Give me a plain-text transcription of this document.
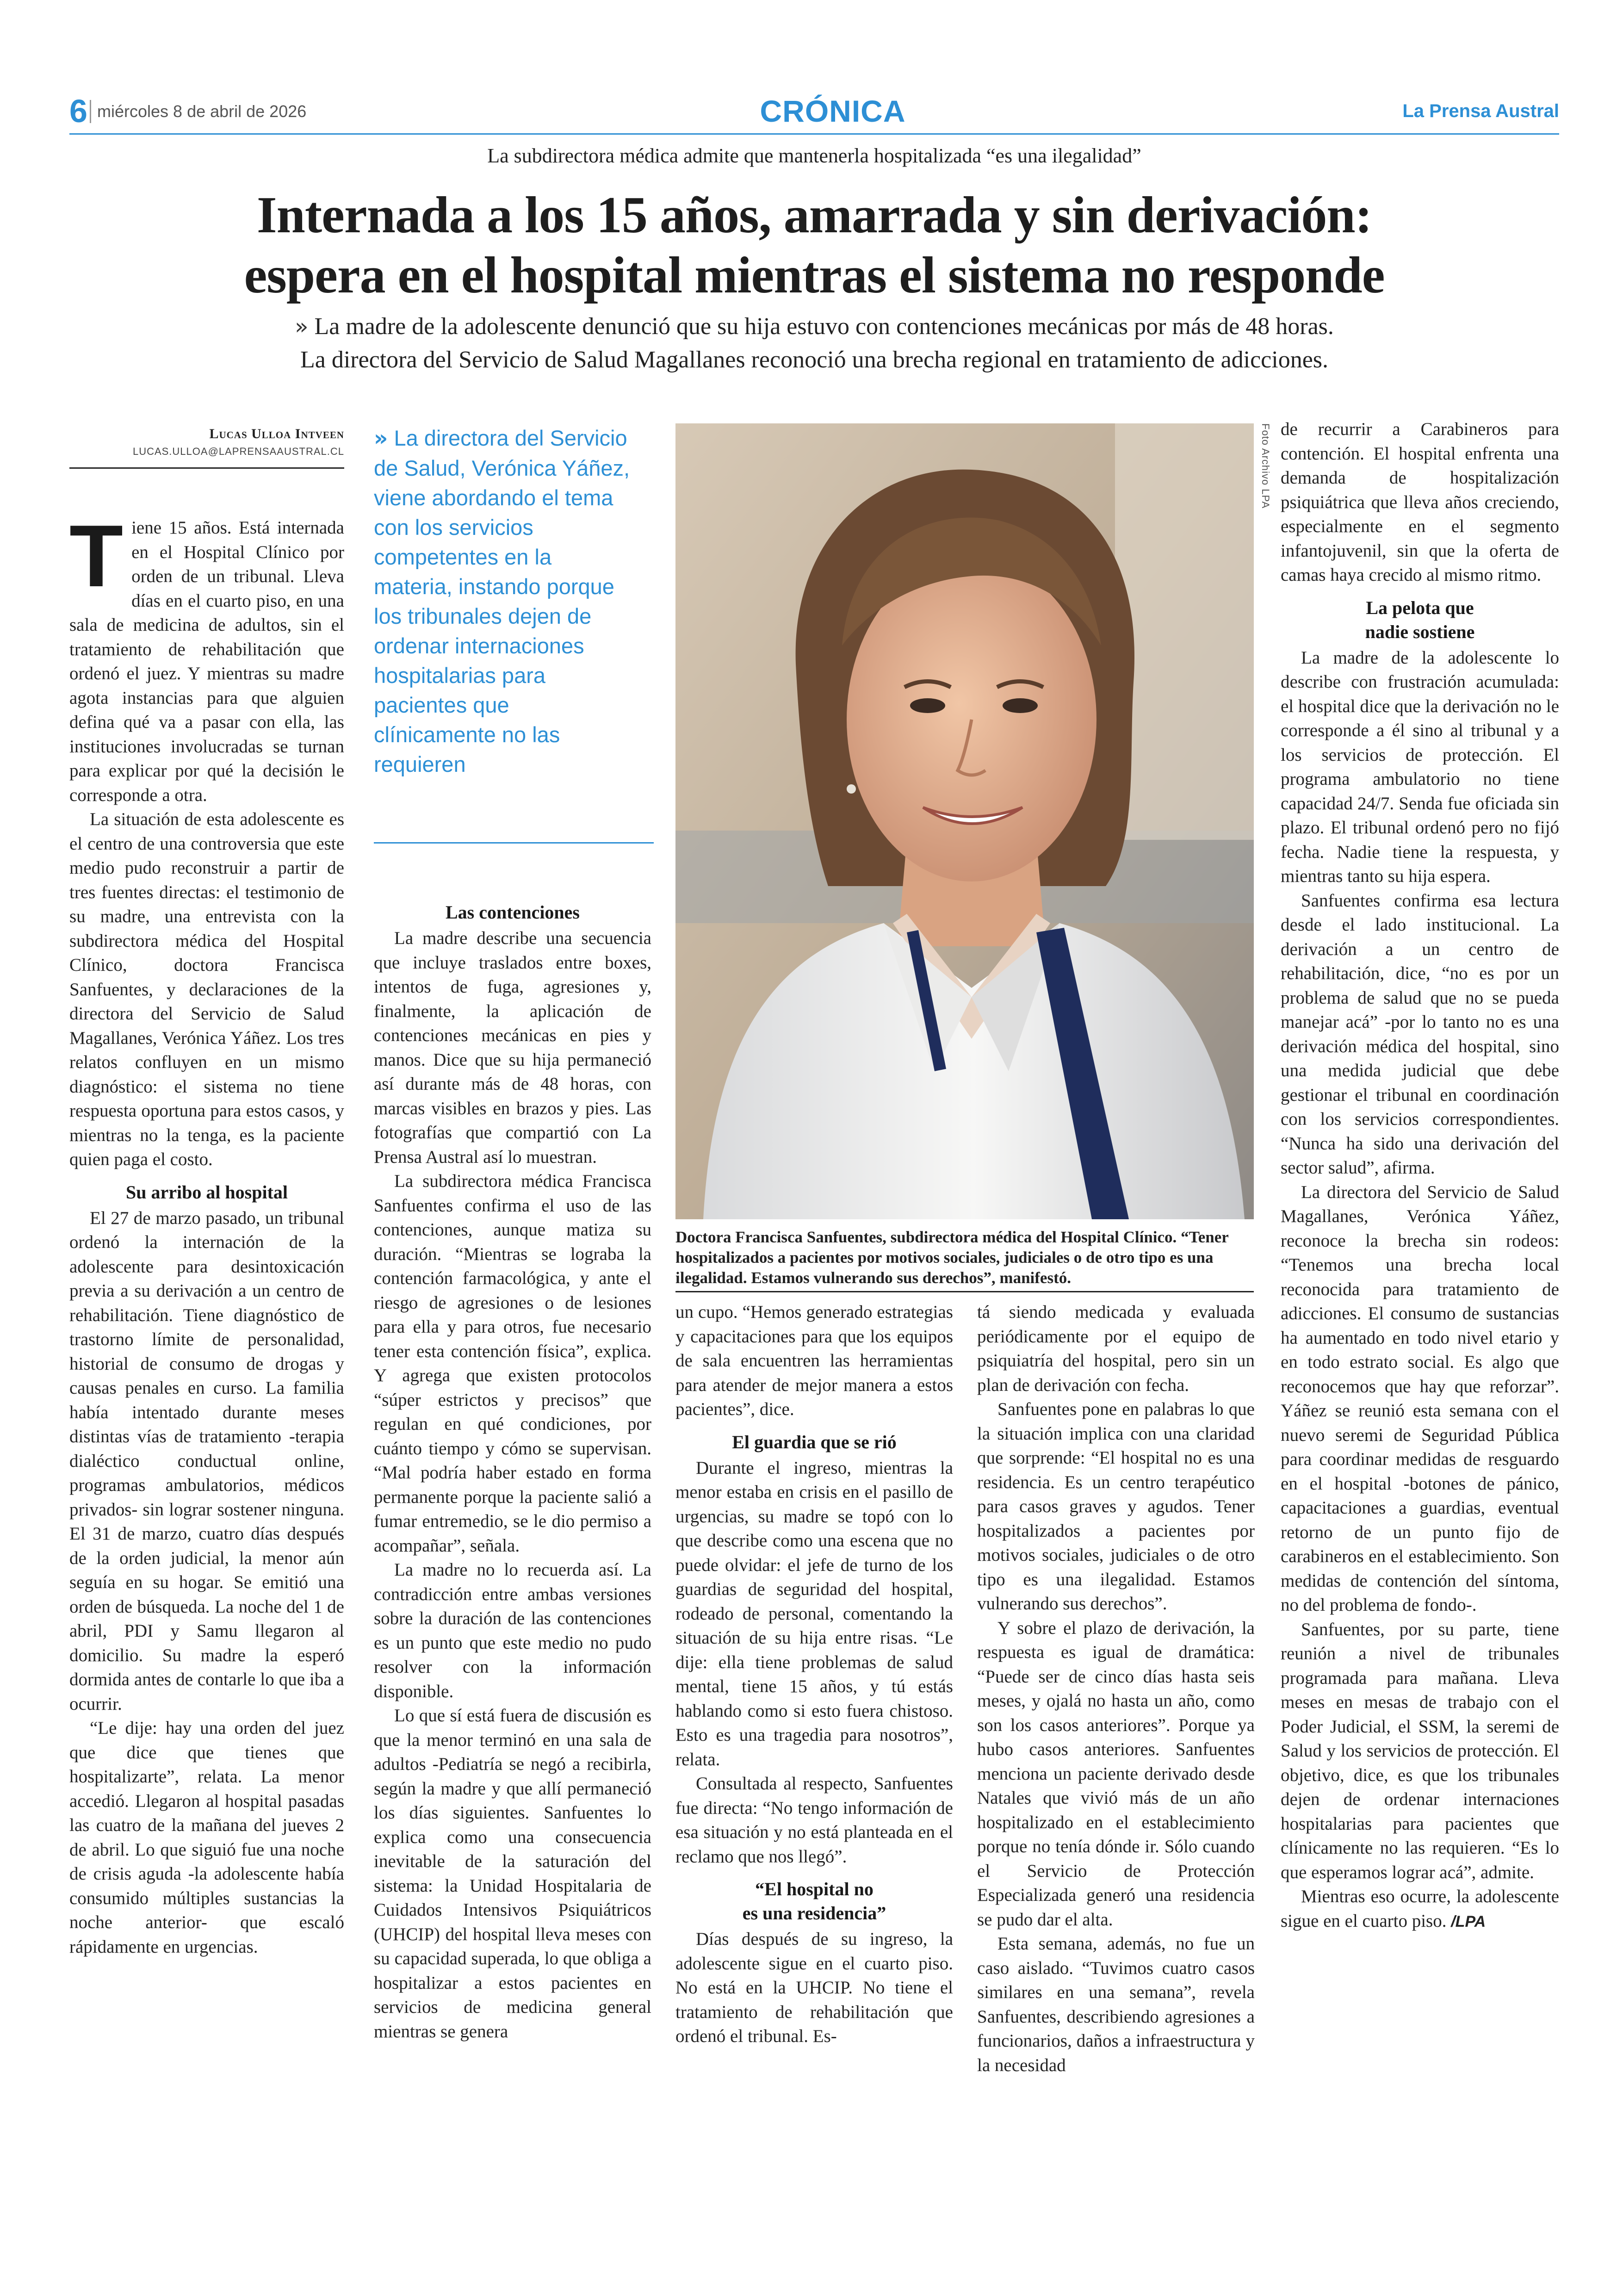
6 miércoles 8 de abril de 2026	CRÓNICA	La Prensa Austral
La subdirectora médica admite que mantenerla hospitalizada “es una ilegalidad”
Internada a los 15 años, amarrada y sin derivación:
espera en el hospital mientras el sistema no responde
» La madre de la adolescente denunció que su hija estuvo con contenciones mecánicas por más de 48 horas.
La directora del Servicio de Salud Magallanes reconoció una brecha regional en tratamiento de adicciones.
Lucas Ulloa Intveen
LUCAS.ULLOA@LAPRENSAAUSTRAL.CL
» La directora del Servicio de Salud, Verónica Yáñez, viene abordando el tema con los servicios competentes en la materia, instando porque los tribunales dejen de ordenar internaciones hospitalarias para pacientes que clínicamente no las requieren

Tiene 15 años. Está internada en el Hospital Clínico por orden de un tribunal. Lleva días en el cuarto piso, en una sala de medicina de adultos, sin el tratamiento de rehabilitación que ordenó el juez. Y mientras su madre agota instancias para que alguien defina qué va a pasar con ella, las instituciones involucradas se turnan para explicar por qué la decisión le corresponde a otra.

La situación de esta adolescente es el centro de una controversia que este medio pudo reconstruir a partir de tres fuentes directas: el testimonio de su madre, una entrevista con la subdirectora médica del Hospital Clínico, doctora Francisca Sanfuentes, y declaraciones de la directora del Servicio de Salud Magallanes, Verónica Yáñez. Los tres relatos confluyen en un mismo diagnóstico: el sistema no tiene respuesta oportuna para estos casos, y mientras no la tenga, es la paciente quien paga el costo.

Su arribo al hospital

El 27 de marzo pasado, un tribunal ordenó la internación de la adolescente para desintoxicación previa a su derivación a un centro de rehabilitación. Tiene diagnóstico de trastorno límite de personalidad, historial de consumo de drogas y causas penales en curso. La familia había intentado durante meses distintas vías de tratamiento -terapia dialéctico conductual online, programas ambulatorios, médicos privados- sin lograr sostener ninguna. El 31 de marzo, cuatro días después de la orden judicial, la menor aún seguía en su hogar. Se emitió una orden de búsqueda. La noche del 1 de abril, PDI y Samu llegaron al domicilio. Su madre la esperó dormida antes de contarle lo que iba a ocurrir.

“Le dije: hay una orden del juez que dice que tienes que hospitalizarte”, relata. La menor accedió. Llegaron al hospital pasadas las cuatro de la mañana del jueves 2 de abril. Lo que siguió fue una noche de crisis aguda -la adolescente había consumido múltiples sustancias la noche anterior- que escaló rápidamente en urgencias.

Las contenciones

La madre describe una secuencia que incluye traslados entre boxes, intentos de fuga, agresiones y, finalmente, la aplicación de contenciones mecánicas en pies y manos. Dice que su hija permaneció así durante más de 48 horas, con marcas visibles en brazos y pies. Las fotografías que compartió con La Prensa Austral así lo muestran.

La subdirectora médica Francisca Sanfuentes confirma el uso de las contenciones, aunque matiza su duración. “Mientras se lograba la contención farmacológica, y ante el riesgo de agresiones o de lesiones para ella y para otros, fue necesario tener esta contención física”, explica. Y agrega que existen protocolos “súper estrictos y precisos” que regulan en qué condiciones, por cuánto tiempo y cómo se supervisan. “Mal podría haber estado en forma permanente porque la paciente salió a fumar entremedio, se le dio permiso a acompañar”, señala.

La madre no lo recuerda así. La contradicción entre ambas versiones sobre la duración de las contenciones es un punto que este medio no pudo resolver con la información disponible.

Lo que sí está fuera de discusión es que la menor terminó en una sala de adultos -Pediatría se negó a recibirla, según la madre y que allí permaneció los días siguientes. Sanfuentes lo explica como una consecuencia inevitable de la saturación del sistema: la Unidad Hospitalaria de Cuidados Intensivos Psiquiátricos (UHCIP) del hospital lleva meses con su capacidad superada, lo que obliga a hospitalizar a estos pacientes en servicios de medicina general mientras se genera

Foto Archivo LPA
Doctora Francisca Sanfuentes, subdirectora médica del Hospital Clínico. “Tener hospitalizados a pacientes por motivos sociales, judiciales o de otro tipo es una ilegalidad. Estamos vulnerando sus derechos”, manifestó.

un cupo. “Hemos generado estrategias y capacitaciones para que los equipos de sala encuentren las herramientas para atender de mejor manera a estos pacientes”, dice.

El guardia que se rió

Durante el ingreso, mientras la menor estaba en crisis en el pasillo de urgencias, su madre se topó con lo que describe como una escena que no puede olvidar: el jefe de turno de los guardias de seguridad del hospital, rodeado de personal, comentando la situación de su hija entre risas. “Le dije: ella tiene problemas de salud mental, tiene 15 años, y tú estás hablando como si esto fuera chistoso. Esto es una tragedia para nosotros”, relata.

Consultada al respecto, Sanfuentes fue directa: “No tengo información de esa situación y no está planteada en el reclamo que nos llegó”.

“El hospital no
es una residencia”

Días después de su ingreso, la adolescente sigue en el cuarto piso. No está en la UHCIP. No tiene el tratamiento de rehabilitación que ordenó el tribunal. Es-

tá siendo medicada y evaluada periódicamente por el equipo de psiquiatría del hospital, pero sin un plan de derivación con fecha.

Sanfuentes pone en palabras lo que la situación implica con una claridad que sorprende: “El hospital no es una residencia. Es un centro terapéutico para casos graves y agudos. Tener hospitalizados a pacientes por motivos sociales, judiciales o de otro tipo es una ilegalidad. Estamos vulnerando sus derechos”.

Y sobre el plazo de derivación, la respuesta es igual de dramática: “Puede ser de cinco días hasta seis meses, y ojalá no hasta un año, como son los casos anteriores”. Porque ya hubo casos anteriores. Sanfuentes menciona un paciente derivado desde Natales que vivió más de un año hospitalizado en el establecimiento porque no tenía dónde ir. Sólo cuando el Servicio de Protección Especializada generó una residencia se pudo dar el alta.

Esta semana, además, no fue un caso aislado. “Tuvimos cuatro casos similares en una semana”, revela Sanfuentes, describiendo agresiones a funcionarios, daños a infraestructura y la necesidad

de recurrir a Carabineros para contención. El hospital enfrenta una demanda de hospitalización psiquiátrica que lleva años creciendo, especialmente en el segmento infantojuvenil, sin que la oferta de camas haya crecido al mismo ritmo.

La pelota que
nadie sostiene

La madre de la adolescente lo describe con frustración acumulada: el hospital dice que la derivación no le corresponde a él sino al tribunal y a los servicios de protección. El programa ambulatorio no tiene capacidad 24/7. Senda fue oficiada sin plazo. El tribunal ordenó pero no fijó fecha. Nadie tiene la respuesta, y mientras tanto su hija espera.

Sanfuentes confirma esa lectura desde el lado institucional. La derivación a un centro de rehabilitación, dice, “no es por un problema de salud que no se pueda manejar acá” -por lo tanto no es una derivación médica del hospital, sino una medida judicial que debe gestionar el tribunal en coordinación con los servicios correspondientes. “Nunca ha sido una derivación del sector salud”, afirma.

La directora del Servicio de Salud Magallanes, Verónica Yáñez, reconoce la brecha sin rodeos: “Tenemos una brecha local reconocida para tratamiento de adicciones. El consumo de sustancias ha aumentado en todo nivel etario y en todo estrato social. Es algo que reconocemos que hay que reforzar”. Yáñez se reunió esta semana con el nuevo seremi de Seguridad Pública para coordinar medidas de resguardo en el hospital -botones de pánico, capacitaciones a guardias, eventual retorno de un punto fijo de carabineros en el establecimiento. Son medidas de contención del síntoma, no del problema de fondo-.

Sanfuentes, por su parte, tiene reunión a nivel de tribunales programada para mañana. Lleva meses en mesas de trabajo con el Poder Judicial, el SSM, la seremi de Salud y los servicios de protección. El objetivo, dice, es que los tribunales dejen de ordenar internaciones hospitalarias para pacientes que clínicamente no las requieren. “Es lo que esperamos lograr acá”, admite.

Mientras eso ocurre, la adolescente sigue en el cuarto piso. /LPA
